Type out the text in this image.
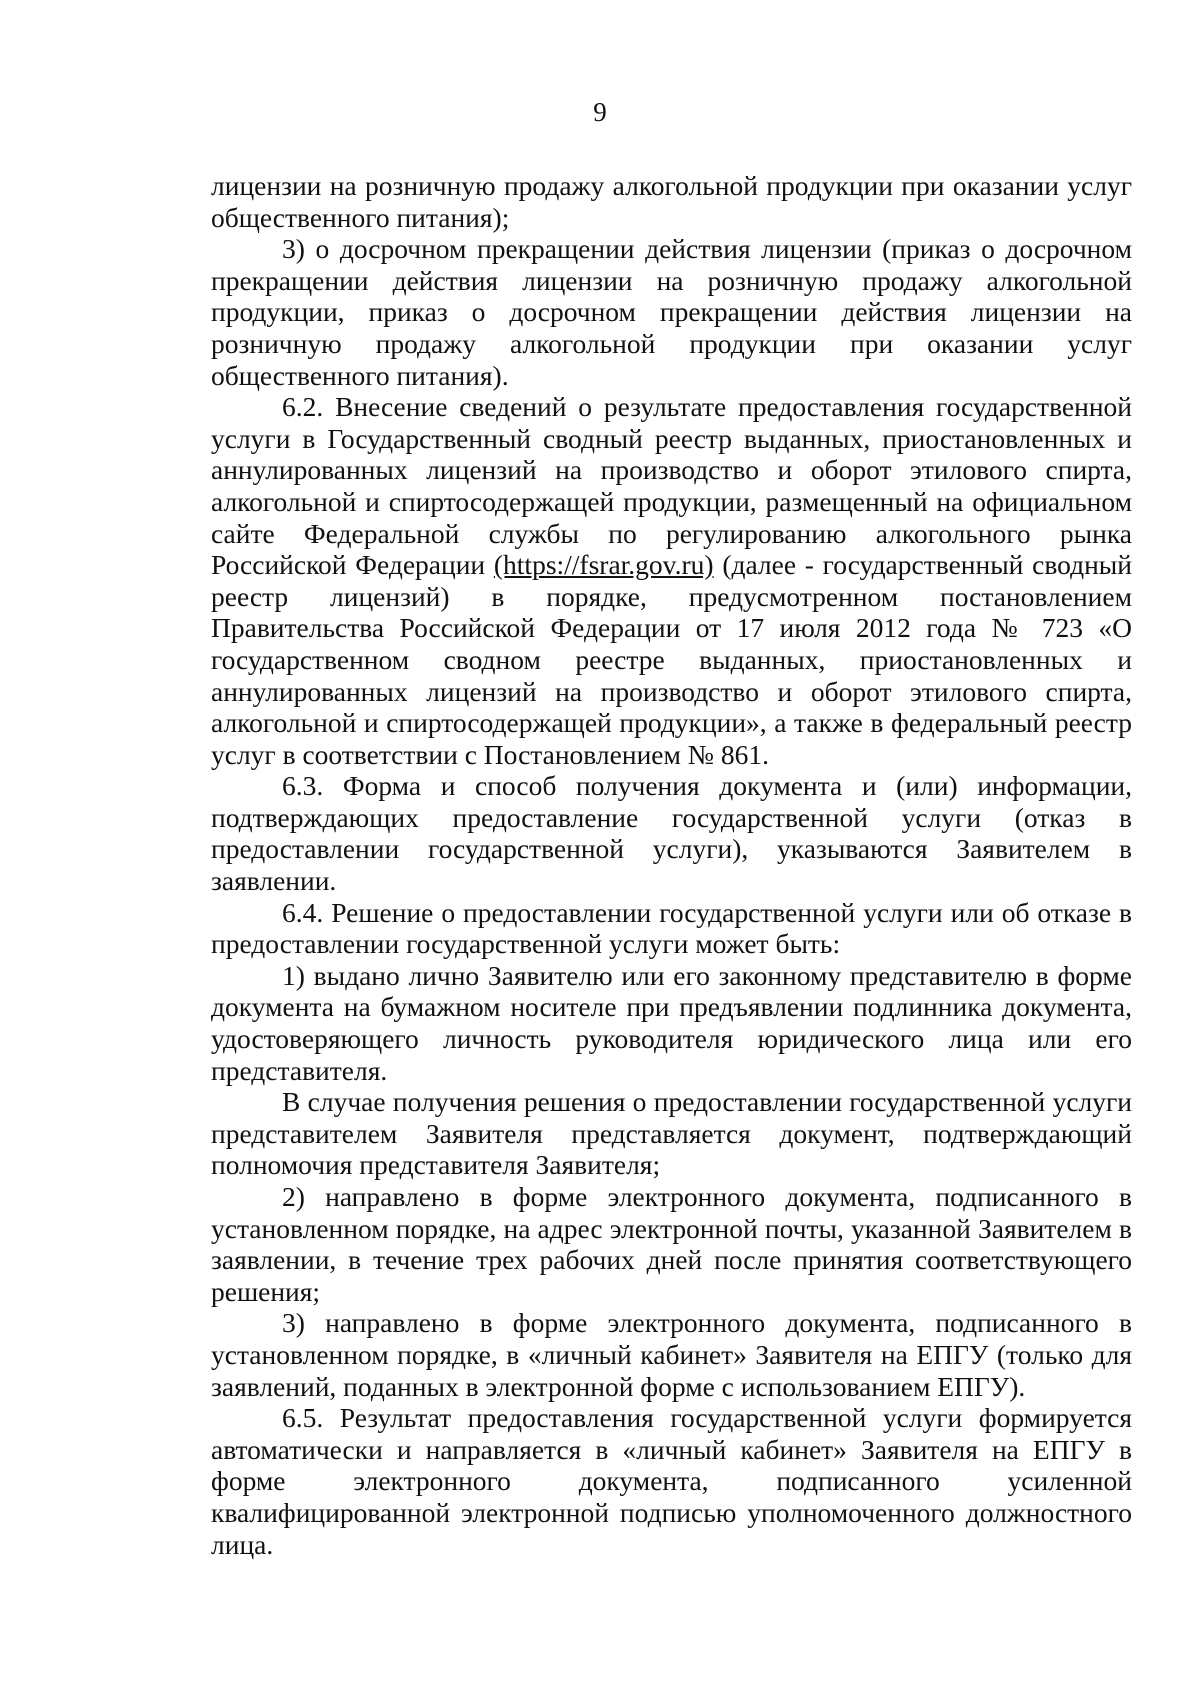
9

лицензии на розничную продажу алкогольной продукции при оказании услуг общественного питания);

3) о досрочном прекращении действия лицензии (приказ о досрочном прекращении действия лицензии на розничную продажу алкогольной продукции, приказ о досрочном прекращении действия лицензии на розничную продажу алкогольной продукции при оказании услуг общественного питания).

6.2. Внесение сведений о результате предоставления государственной услуги в Государственный сводный реестр выданных, приостановленных и аннулированных лицензий на производство и оборот этилового спирта, алкогольной и спиртосодержащей продукции, размещенный на официальном сайте Федеральной службы по регулированию алкогольного рынка Российской Федерации (https://fsrar.gov.ru) (далее - государственный сводный реестр лицензий) в порядке, предусмотренном постановлением Правительства Российской Федерации от 17 июля 2012 года № 723 «О государственном сводном реестре выданных, приостановленных и аннулированных лицензий на производство и оборот этилового спирта, алкогольной и спиртосодержащей продукции», а также в федеральный реестр услуг в соответствии с Постановлением № 861.

6.3. Форма и способ получения документа и (или) информации, подтверждающих предоставление государственной услуги (отказ в предоставлении государственной услуги), указываются Заявителем в заявлении.

6.4. Решение о предоставлении государственной услуги или об отказе в предоставлении государственной услуги может быть:

1) выдано лично Заявителю или его законному представителю в форме документа на бумажном носителе при предъявлении подлинника документа, удостоверяющего личность руководителя юридического лица или его представителя.

В случае получения решения о предоставлении государственной услуги представителем Заявителя представляется документ, подтверждающий полномочия представителя Заявителя;

2) направлено в форме электронного документа, подписанного в установленном порядке, на адрес электронной почты, указанной Заявителем в заявлении, в течение трех рабочих дней после принятия соответствующего решения;

3) направлено в форме электронного документа, подписанного в установленном порядке, в «личный кабинет» Заявителя на ЕПГУ (только для заявлений, поданных в электронной форме с использованием ЕПГУ).

6.5. Результат предоставления государственной услуги формируется автоматически и направляется в «личный кабинет» Заявителя на ЕПГУ в форме электронного документа, подписанного усиленной квалифицированной электронной подписью уполномоченного должностного лица.
